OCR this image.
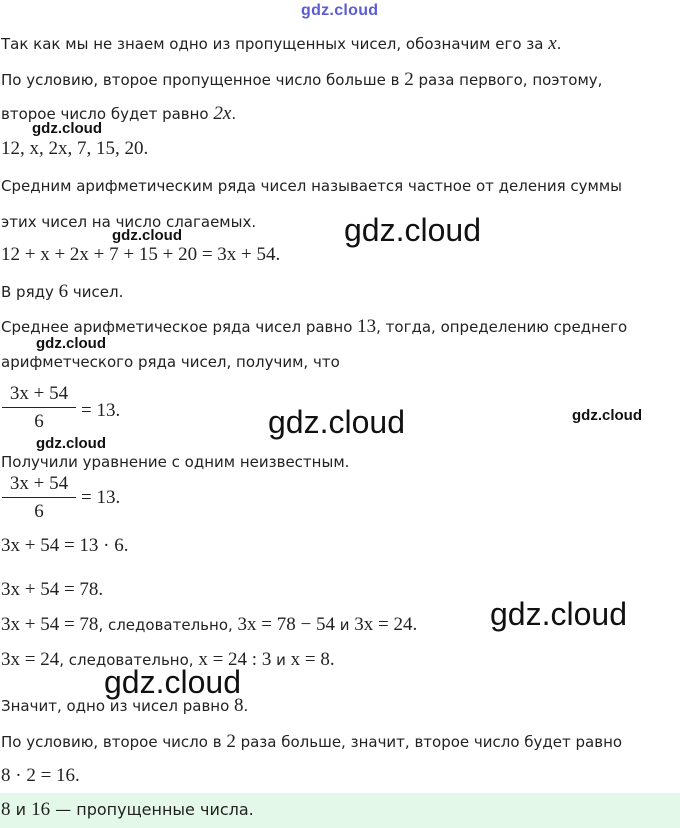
gdz.cloud
Так как мы не знаем одно из пропущенных чисел, обозначим его за x.
По условию, второе пропущенное число больше в 2 раза первого, поэтому,
второе число будет равно 2x.
gdz.cloud
12, x, 2x, 7, 15, 20.
Средним арифметическим ряда чисел называется частное от деления суммы
этих чисел на число слагаемых.
gdz.cloud	gdz.cloud
12 + x + 2x + 7 + 15 + 20 = 3x + 54.
В ряду 6 чисел.
Среднее арифметическое ряда чисел равно 13, тогда, определению среднего
gdz.cloud
арифметческого ряда чисел, получим, что
3x + 54
6
= 13.	gdz.cloud	gdz.cloud
gdz.cloud
Получили уравнение с одним неизвестным.
3x + 54
6
= 13.
3x + 54 = 13 · 6.
3x + 54 = 78.
gdz.cloud
3x + 54 = 78, следовательно, 3x = 78 − 54 и 3x = 24.
3x = 24, следовательно, x = 24 : 3 и x = 8.
gdz.cloud
Значит, одно из чисел равно 8.
По условию, второе число в 2 раза больше, значит, второе число будет равно
8 · 2 = 16.
8 и 16 — пропущенные числа.
